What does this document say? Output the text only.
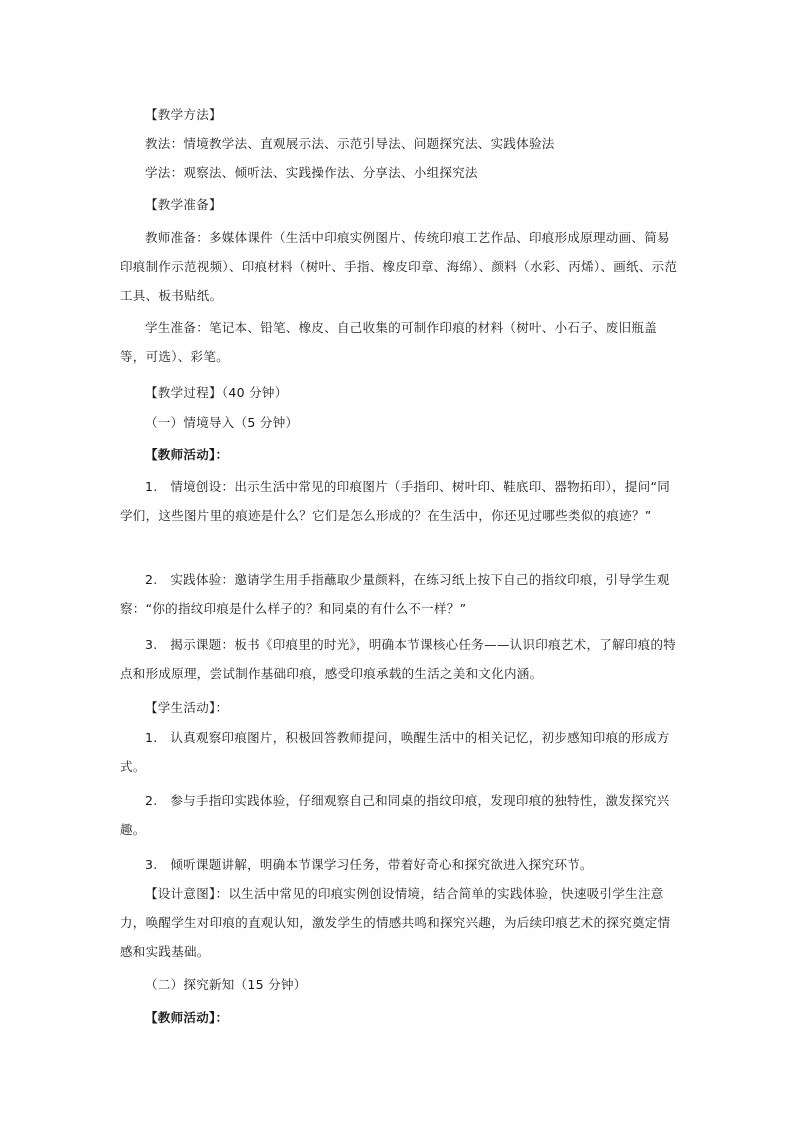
【教学方法】

教法：情境教学法、直观展示法、示范引导法、问题探究法、实践体验法

学法：观察法、倾听法、实践操作法、分享法、小组探究法

【教学准备】

教师准备：多媒体课件（生活中印痕实例图片、传统印痕工艺作品、印痕形成原理动画、简易印痕制作示范视频）、印痕材料（树叶、手指、橡皮印章、海绵）、颜料（水彩、丙烯）、画纸、示范工具、板书贴纸。

学生准备：笔记本、铅笔、橡皮、自己收集的可制作印痕的材料（树叶、小石子、废旧瓶盖等，可选）、彩笔。

【教学过程】（40 分钟）

（一）情境导入（5 分钟）

【教师活动】：

1.　情境创设：出示生活中常见的印痕图片（手指印、树叶印、鞋底印、器物拓印），提问“同学们，这些图片里的痕迹是什么？它们是怎么形成的？在生活中，你还见过哪些类似的痕迹？”

2.　实践体验：邀请学生用手指蘸取少量颜料，在练习纸上按下自己的指纹印痕，引导学生观察：“你的指纹印痕是什么样子的？和同桌的有什么不一样？”

3.　揭示课题：板书《印痕里的时光》，明确本节课核心任务——认识印痕艺术，了解印痕的特点和形成原理，尝试制作基础印痕，感受印痕承载的生活之美和文化内涵。

【学生活动】：

1.　认真观察印痕图片，积极回答教师提问，唤醒生活中的相关记忆，初步感知印痕的形成方式。

2.　参与手指印实践体验，仔细观察自己和同桌的指纹印痕，发现印痕的独特性，激发探究兴趣。

3.　倾听课题讲解，明确本节课学习任务，带着好奇心和探究欲进入探究环节。

【设计意图】：以生活中常见的印痕实例创设情境，结合简单的实践体验，快速吸引学生注意力，唤醒学生对印痕的直观认知，激发学生的情感共鸣和探究兴趣，为后续印痕艺术的探究奠定情感和实践基础。

（二）探究新知（15 分钟）

【教师活动】：
